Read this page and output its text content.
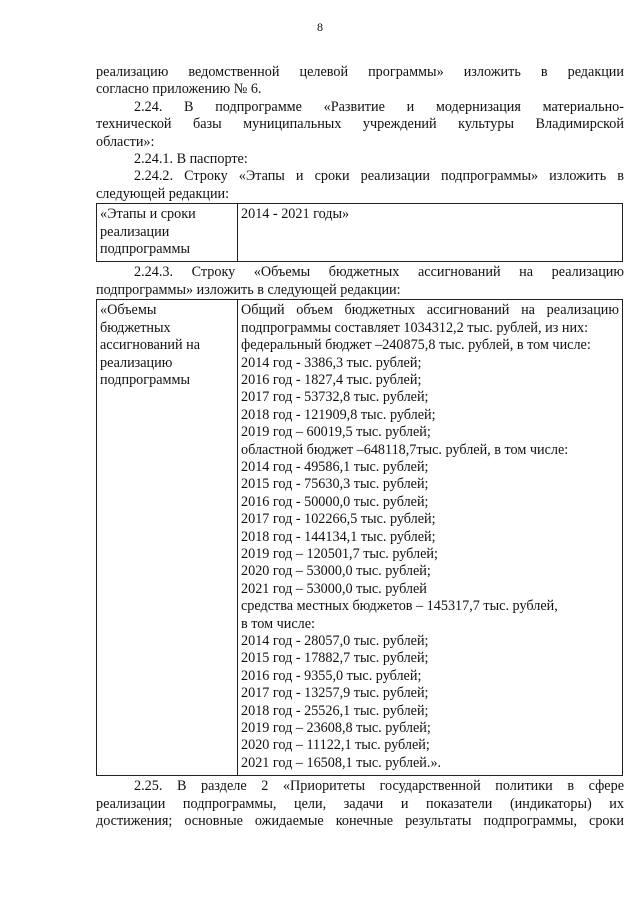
8
реализацию ведомственной целевой программы» изложить в редакции
согласно приложению № 6.
2.24. В подпрограмме «Развитие и модернизация материально-
технической базы муниципальных учреждений культуры Владимирской
области»:
2.24.1. В паспорте:
2.24.2. Строку «Этапы и сроки реализации подпрограммы» изложить в
следующей редакции:
«Этапы и сроки
реализации
подпрограммы

2014 - 2021 годы»
2.24.3. Строку «Объемы бюджетных ассигнований на реализацию
подпрограммы» изложить в следующей редакции:
«Объемы
бюджетных
ассигнований на
реализацию
подпрограммы

Общий объем бюджетных ассигнований на реализацию
подпрограммы составляет 1034312,2 тыс. рублей, из них:
федеральный бюджет –240875,8 тыс. рублей, в том числе:
2014 год - 3386,3 тыс. рублей;
2016 год - 1827,4 тыс. рублей;
2017 год - 53732,8 тыс. рублей;
2018 год - 121909,8 тыс. рублей;
2019 год – 60019,5 тыс. рублей;
областной бюджет –648118,7тыс. рублей, в том числе:
2014 год - 49586,1 тыс. рублей;
2015 год - 75630,3 тыс. рублей;
2016 год - 50000,0 тыс. рублей;
2017 год - 102266,5 тыс. рублей;
2018 год - 144134,1 тыс. рублей;
2019 год – 120501,7 тыс. рублей;
2020 год – 53000,0 тыс. рублей;
2021 год – 53000,0 тыс. рублей
средства местных бюджетов – 145317,7 тыс. рублей,
в том числе:
2014 год - 28057,0 тыс. рублей;
2015 год - 17882,7 тыс. рублей;
2016 год - 9355,0 тыс. рублей;
2017 год - 13257,9 тыс. рублей;
2018 год - 25526,1 тыс. рублей;
2019 год – 23608,8 тыс. рублей;
2020 год – 11122,1 тыс. рублей;
2021 год – 16508,1 тыс. рублей.».
2.25. В разделе 2 «Приоритеты государственной политики в сфере
реализации подпрограммы, цели, задачи и показатели (индикаторы) их
достижения; основные ожидаемые конечные результаты подпрограммы, сроки
